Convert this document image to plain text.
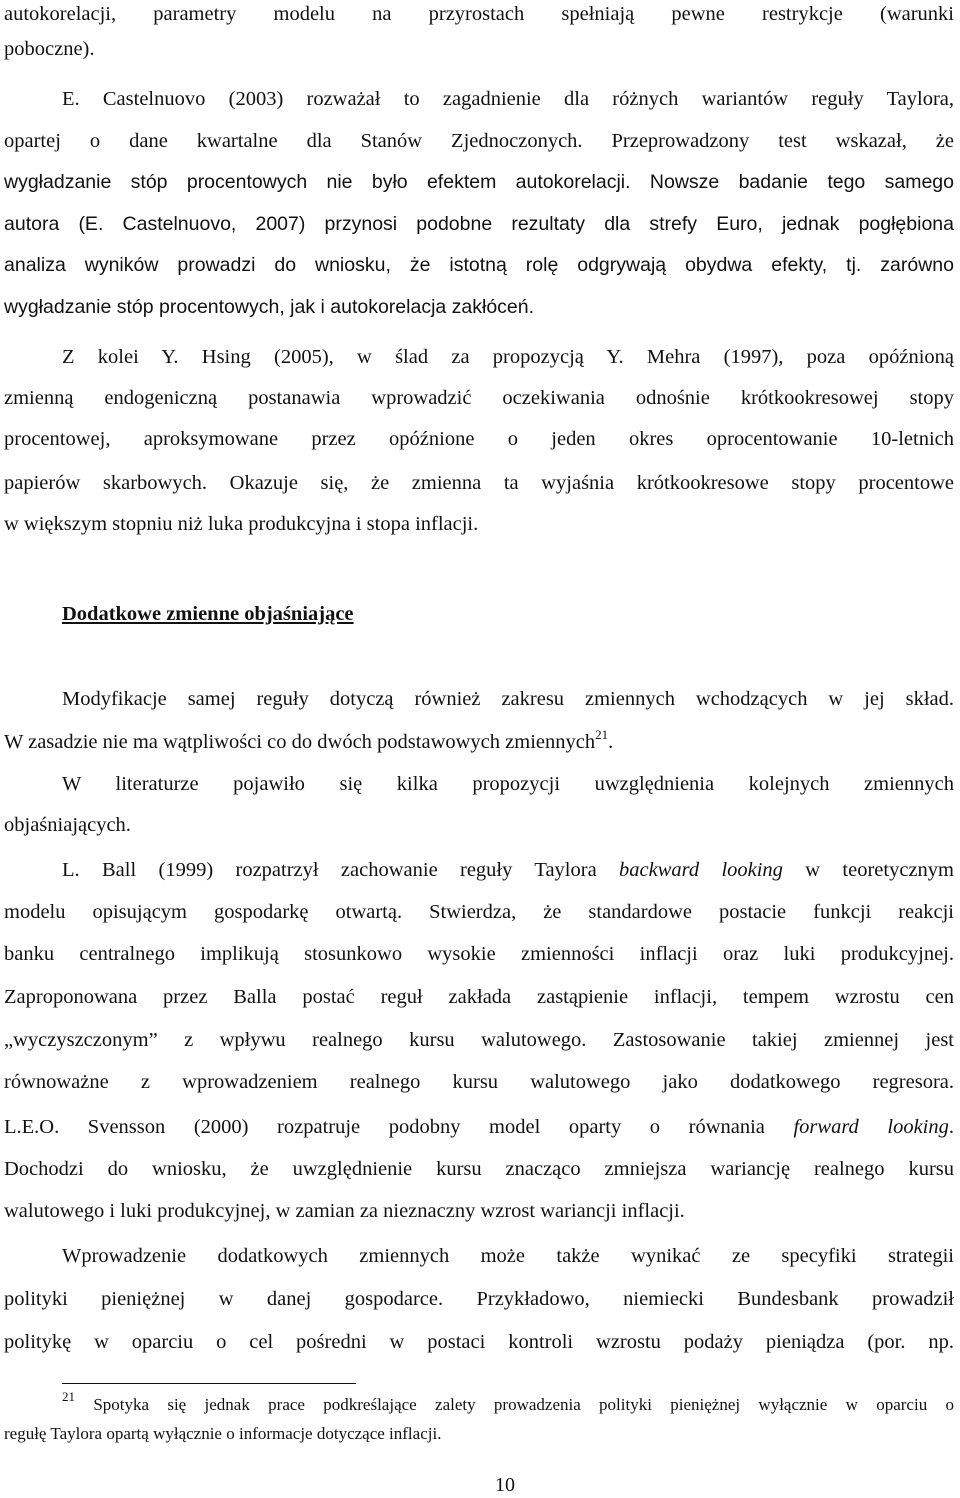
autokorelacji, parametry modelu na przyrostach spełniają pewne restrykcje (warunki
poboczne).
E. Castelnuovo (2003) rozważał to zagadnienie dla różnych wariantów reguły Taylora,
opartej o dane kwartalne dla Stanów Zjednoczonych. Przeprowadzony test wskazał, że
wygładzanie stóp procentowych nie było efektem autokorelacji. Nowsze badanie tego samego
autora (E. Castelnuovo, 2007) przynosi podobne rezultaty dla strefy Euro, jednak pogłębiona
analiza wyników prowadzi do wniosku, że istotną rolę odgrywają obydwa efekty, tj. zarówno
wygładzanie stóp procentowych, jak i autokorelacja zakłóceń.
Z kolei Y. Hsing (2005), w ślad za propozycją Y. Mehra (1997), poza opóźnioną
zmienną endogeniczną postanawia wprowadzić oczekiwania odnośnie krótkookresowej stopy
procentowej, aproksymowane przez opóźnione o jeden okres oprocentowanie 10-letnich
papierów skarbowych. Okazuje się, że zmienna ta wyjaśnia krótkookresowe stopy procentowe
w większym stopniu niż luka produkcyjna i stopa inflacji.
Dodatkowe zmienne objaśniające
Modyfikacje samej reguły dotyczą również zakresu zmiennych wchodzących w jej skład.
W zasadzie nie ma wątpliwości co do dwóch podstawowych zmiennych$^{21}$.
W literaturze pojawiło się kilka propozycji uwzględnienia kolejnych zmiennych
objaśniających.
L. Ball (1999) rozpatrzył zachowanie reguły Taylora backward looking w teoretycznym
modelu opisującym gospodarkę otwartą. Stwierdza, że standardowe postacie funkcji reakcji
banku centralnego implikują stosunkowo wysokie zmienności inflacji oraz luki produkcyjnej.
Zaproponowana przez Balla postać reguł zakłada zastąpienie inflacji, tempem wzrostu cen
„wyczyszczonym” z wpływu realnego kursu walutowego. Zastosowanie takiej zmiennej jest
równoważne z wprowadzeniem realnego kursu walutowego jako dodatkowego regresora.
L.E.O. Svensson (2000) rozpatruje podobny model oparty o równania forward looking.
Dochodzi do wniosku, że uwzględnienie kursu znacząco zmniejsza wariancję realnego kursu
walutowego i luki produkcyjnej, w zamian za nieznaczny wzrost wariancji inflacji.
Wprowadzenie dodatkowych zmiennych może także wynikać ze specyfiki strategii
polityki pieniężnej w danej gospodarce. Przykładowo, niemiecki Bundesbank prowadził
politykę w oparciu o cel pośredni w postaci kontroli wzrostu podaży pieniądza (por. np.
$^{21}$ Spotyka się jednak prace podkreślające zalety prowadzenia polityki pieniężnej wyłącznie w oparciu o
regułę Taylora opartą wyłącznie o informacje dotyczące inflacji.
10
